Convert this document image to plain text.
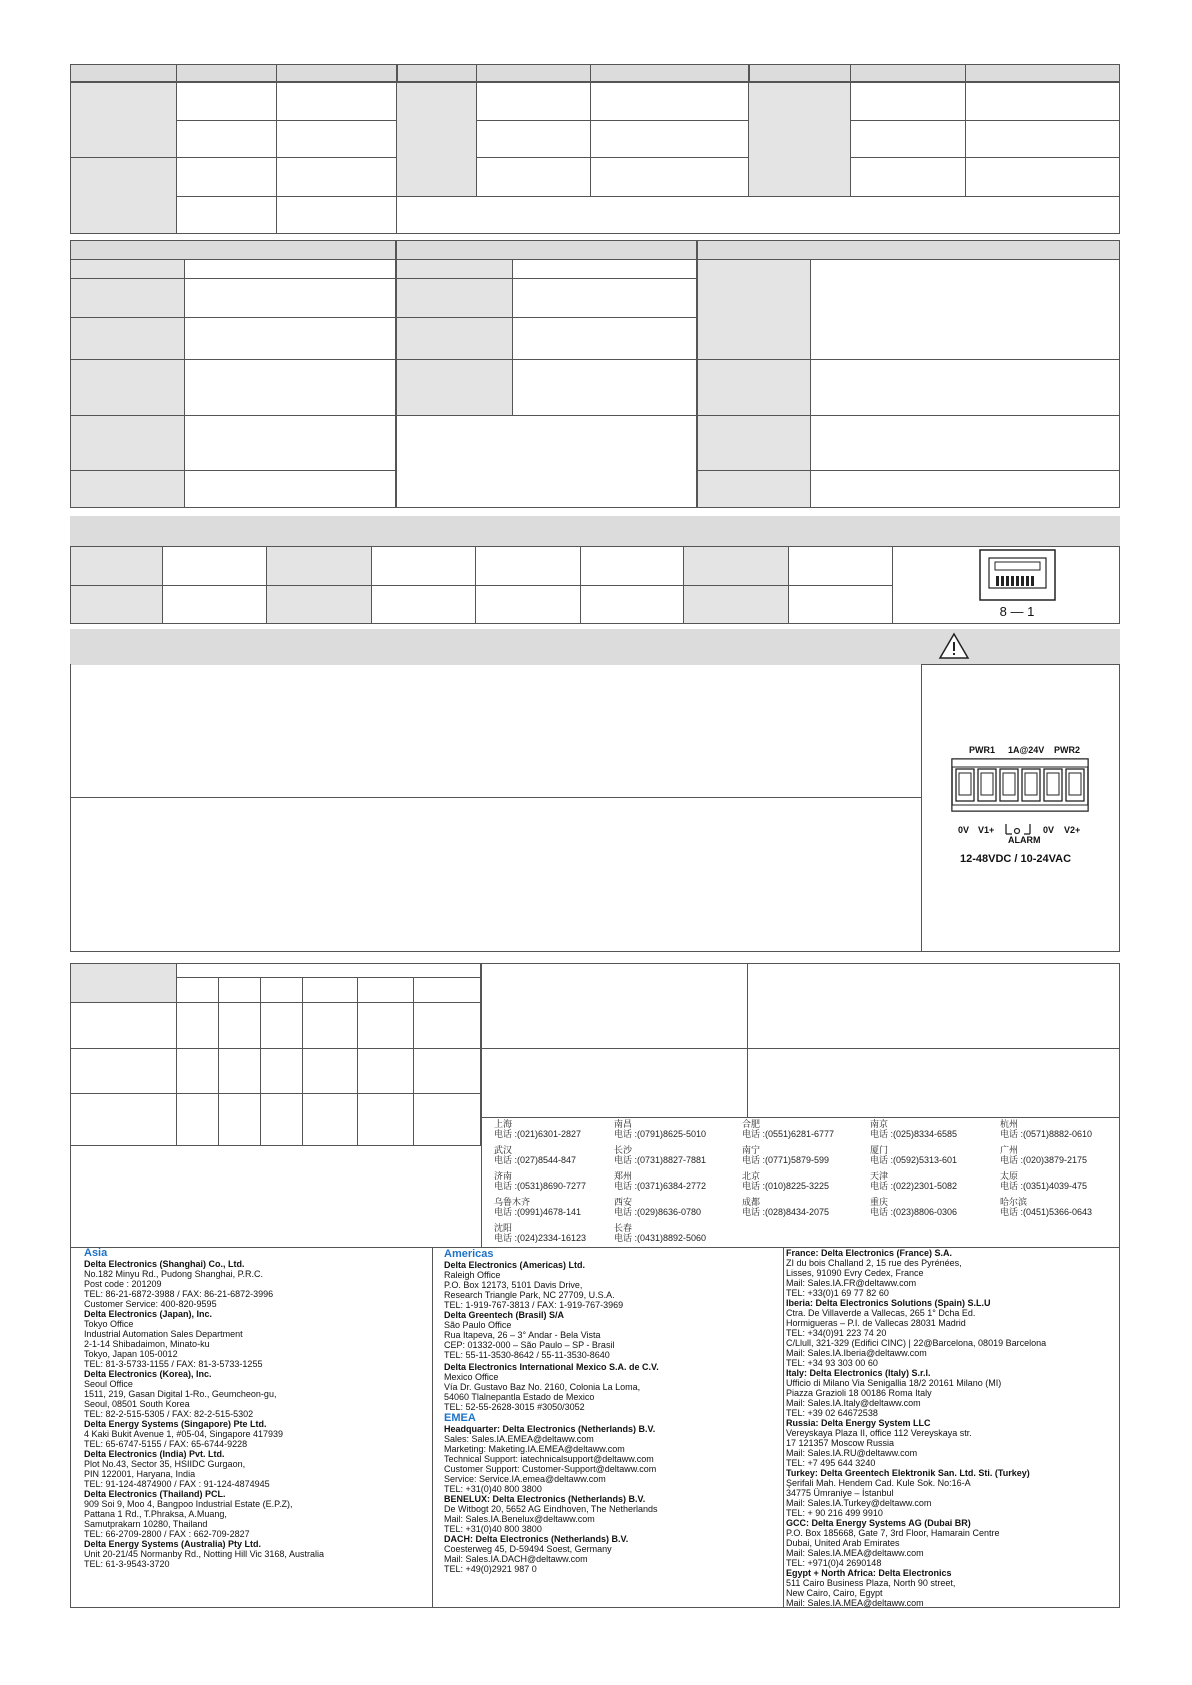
8 — 1
PWR1 1A@24V PWR2
0V V1+	0V V2+
ALARM
12-48VDC / 10-24VAC
上海
电话 :(021)6301-2827
南昌
电话 :(0791)8625-5010
合肥
电话 :(0551)6281-6777
南京
电话 :(025)8334-6585
杭州
电话 :(0571)8882-0610
武汉
电话 :(027)8544-847
长沙
电话 :(0731)8827-7881
南宁
电话 :(0771)5879-599
厦门
电话 :(0592)5313-601
广州
电话 :(020)3879-2175
济南
电话 :(0531)8690-7277
郑州
电话 :(0371)6384-2772
北京
电话 :(010)8225-3225
天津
电话 :(022)2301-5082
太原
电话 :(0351)4039-475
乌鲁木齐
电话 :(0991)4678-141
西安
电话 :(029)8636-0780
成都
电话 :(028)8434-2075
重庆
电话 :(023)8806-0306
哈尔滨
电话 :(0451)5366-0643
沈阳
电话 :(024)2334-16123
长春
电话 :(0431)8892-5060
Asia
Delta Electronics (Shanghai) Co., Ltd.
No.182 Minyu Rd., Pudong Shanghai, P.R.C.
Post code : 201209
TEL: 86-21-6872-3988 / FAX: 86-21-6872-3996
Customer Service: 400-820-9595
Delta Electronics (Japan), Inc.
Tokyo Office
Industrial Automation Sales Department
2-1-14 Shibadaimon, Minato-ku
Tokyo, Japan 105-0012
TEL: 81-3-5733-1155 / FAX: 81-3-5733-1255
Delta Electronics (Korea), Inc.
Seoul Office
1511, 219, Gasan Digital 1-Ro., Geumcheon-gu,
Seoul, 08501 South Korea
TEL: 82-2-515-5305 / FAX: 82-2-515-5302
Delta Energy Systems (Singapore) Pte Ltd.
4 Kaki Bukit Avenue 1, #05-04, Singapore 417939
TEL: 65-6747-5155 / FAX: 65-6744-9228
Delta Electronics (India) Pvt. Ltd.
Plot No.43, Sector 35, HSIIDC Gurgaon,
PIN 122001, Haryana, India
TEL: 91-124-4874900 / FAX : 91-124-4874945
Delta Electronics (Thailand) PCL.
909 Soi 9, Moo 4, Bangpoo Industrial Estate (E.P.Z),
Pattana 1 Rd., T.Phraksa, A.Muang,
Samutprakarn 10280, Thailand
TEL: 66-2709-2800 / FAX : 662-709-2827
Delta Energy Systems (Australia) Pty Ltd.
Unit 20-21/45 Normanby Rd., Notting Hill Vic 3168, Australia
TEL: 61-3-9543-3720
Americas
Delta Electronics (Americas) Ltd.
Raleigh Office
P.O. Box 12173, 5101 Davis Drive,
Research Triangle Park, NC 27709, U.S.A.
TEL: 1-919-767-3813 / FAX: 1-919-767-3969
Delta Greentech (Brasil) S/A
São Paulo Office
Rua Itapeva, 26 – 3° Andar - Bela Vista
CEP: 01332-000 – São Paulo – SP - Brasil
TEL: 55-11-3530-8642 / 55-11-3530-8640
Delta Electronics International Mexico S.A. de C.V.
Mexico Office
Vía Dr. Gustavo Baz No. 2160, Colonia La Loma,
54060 Tlalnepantla Estado de Mexico
TEL: 52-55-2628-3015 #3050/3052
EMEA
Headquarter: Delta Electronics (Netherlands) B.V.
Sales: Sales.IA.EMEA@deltaww.com
Marketing: Maketing.IA.EMEA@deltaww.com
Technical Support: iatechnicalsupport@deltaww.com
Customer Support: Customer-Support@deltaww.com
Service: Service.IA.emea@deltaww.com
TEL: +31(0)40 800 3800
BENELUX: Delta Electronics (Netherlands) B.V.
De Witbogt 20, 5652 AG Eindhoven, The Netherlands
Mail: Sales.IA.Benelux@deltaww.com
TEL: +31(0)40 800 3800
DACH: Delta Electronics (Netherlands) B.V.
Coesterweg 45, D-59494 Soest, Germany
Mail: Sales.IA.DACH@deltaww.com
TEL: +49(0)2921 987 0
France: Delta Electronics (France) S.A.
ZI du bois Challand 2, 15 rue des Pyrénées,
Lisses, 91090 Evry Cedex, France
Mail: Sales.IA.FR@deltaww.com
TEL: +33(0)1 69 77 82 60
Iberia: Delta Electronics Solutions (Spain) S.L.U
Ctra. De Villaverde a Vallecas, 265 1° Dcha Ed.
Hormigueras – P.I. de Vallecas 28031 Madrid
TEL: +34(0)91 223 74 20
C/Llull, 321-329 (Edifici CINC) | 22@Barcelona, 08019 Barcelona
Mail: Sales.IA.Iberia@deltaww.com
TEL: +34 93 303 00 60
Italy: Delta Electronics (Italy) S.r.l.
Ufficio di Milano Via Senigallia 18/2 20161 Milano (MI)
Piazza Grazioli 18 00186 Roma Italy
Mail: Sales.IA.Italy@deltaww.com
TEL: +39 02 64672538
Russia: Delta Energy System LLC
Vereyskaya Plaza II, office 112 Vereyskaya str.
17 121357 Moscow Russia
Mail: Sales.IA.RU@deltaww.com
TEL: +7 495 644 3240
Turkey: Delta Greentech Elektronik San. Ltd. Sti. (Turkey)
Şerifali Mah. Hendem Cad. Kule Sok. No:16-A
34775 Ümraniye – İstanbul
Mail: Sales.IA.Turkey@deltaww.com
TEL: + 90 216 499 9910
GCC: Delta Energy Systems AG (Dubai BR)
P.O. Box 185668, Gate 7, 3rd Floor, Hamarain Centre
Dubai, United Arab Emirates
Mail: Sales.IA.MEA@deltaww.com
TEL: +971(0)4 2690148
Egypt + North Africa: Delta Electronics
511 Cairo Business Plaza, North 90 street,
New Cairo, Cairo, Egypt
Mail: Sales.IA.MEA@deltaww.com
